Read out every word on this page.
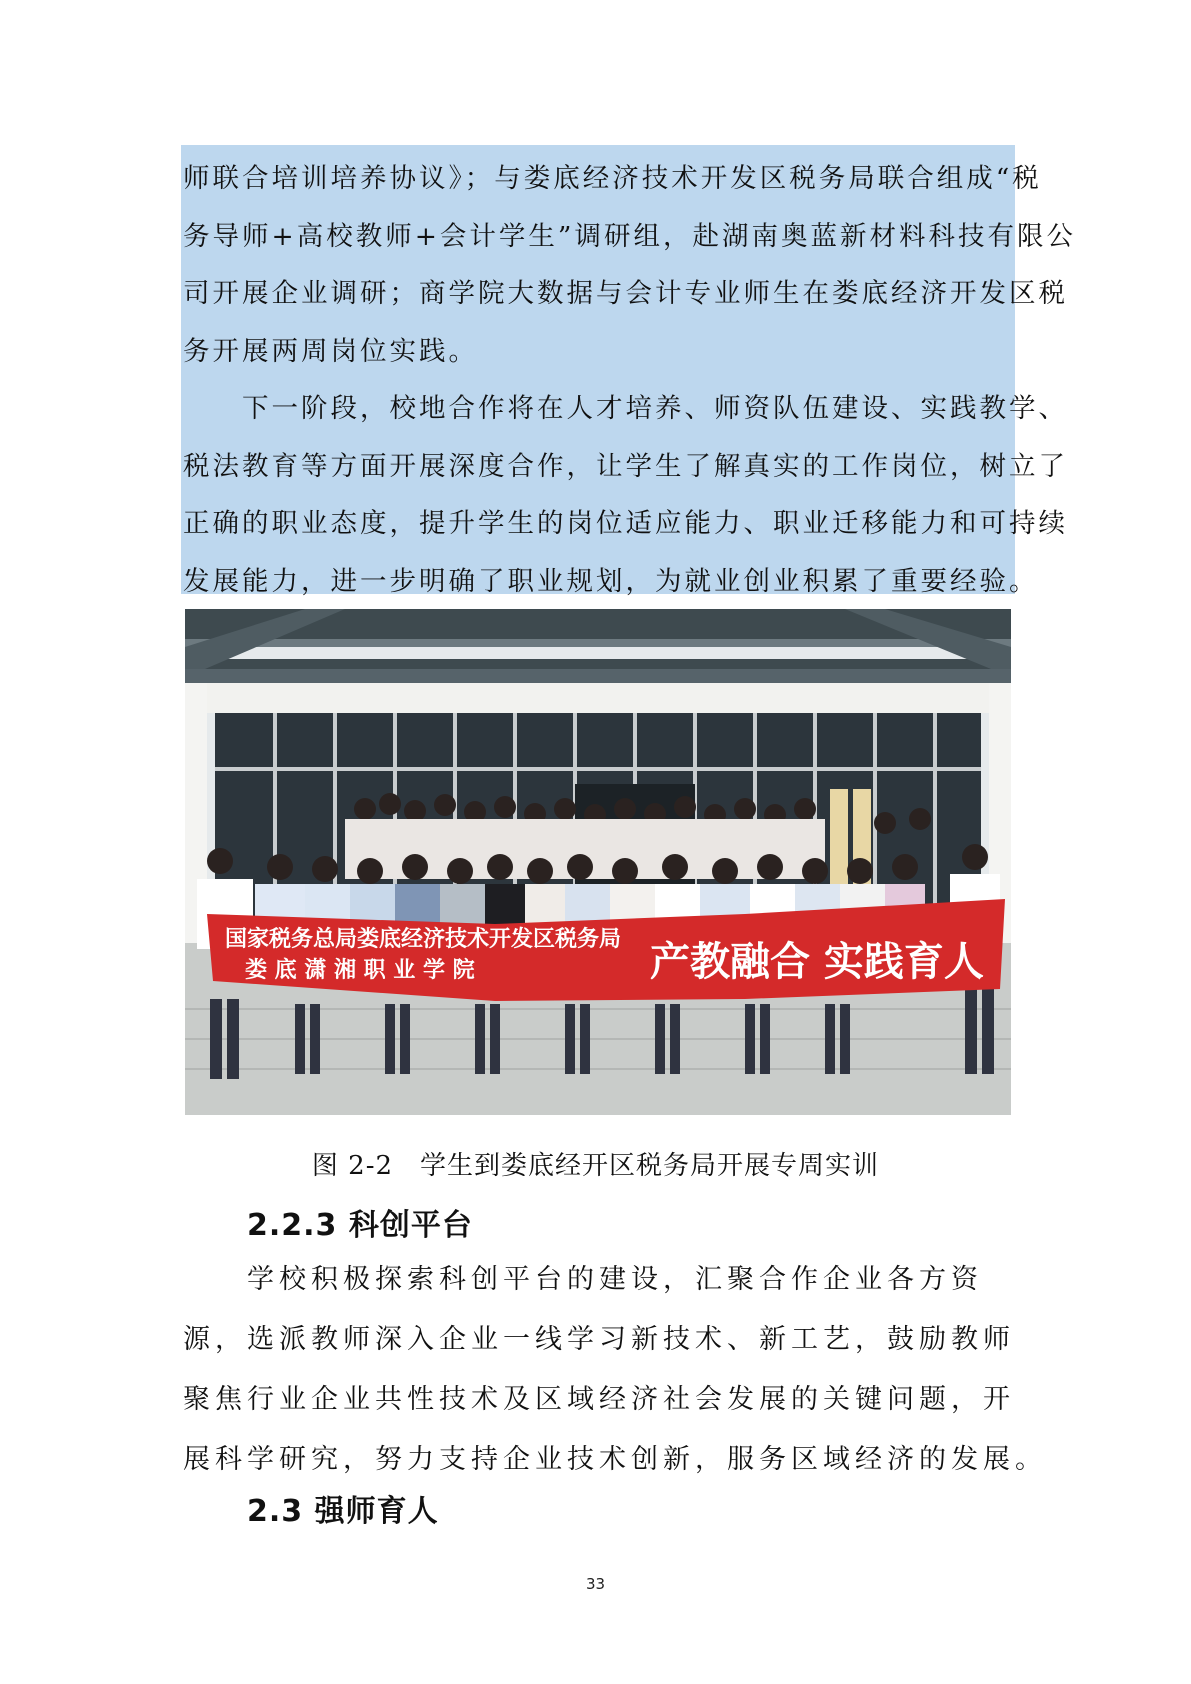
师联合培训培养协议》；与娄底经济技术开发区税务局联合组成“税

务导师+高校教师+会计学生”调研组，赴湖南奥蓝新材料科技有限公

司开展企业调研；商学院大数据与会计专业师生在娄底经济开发区税

务开展两周岗位实践。

　　下一阶段，校地合作将在人才培养、师资队伍建设、实践教学、

税法教育等方面开展深度合作，让学生了解真实的工作岗位，树立了

正确的职业态度，提升学生的岗位适应能力、职业迁移能力和可持续

发展能力，进一步明确了职业规划，为就业创业积累了重要经验。

国家税务总局娄底经济技术开发区税务局
娄 底 潇 湘 职 业 学 院	产教融合 实践育人
图 2-2　学生到娄底经开区税务局开展专周实训
2.2.3 科创平台

　　学校积极探索科创平台的建设，汇聚合作企业各方资

源，选派教师深入企业一线学习新技术、新工艺，鼓励教师

聚焦行业企业共性技术及区域经济社会发展的关键问题，开

展科学研究，努力支持企业技术创新，服务区域经济的发展。

2.3 强师育人
33
